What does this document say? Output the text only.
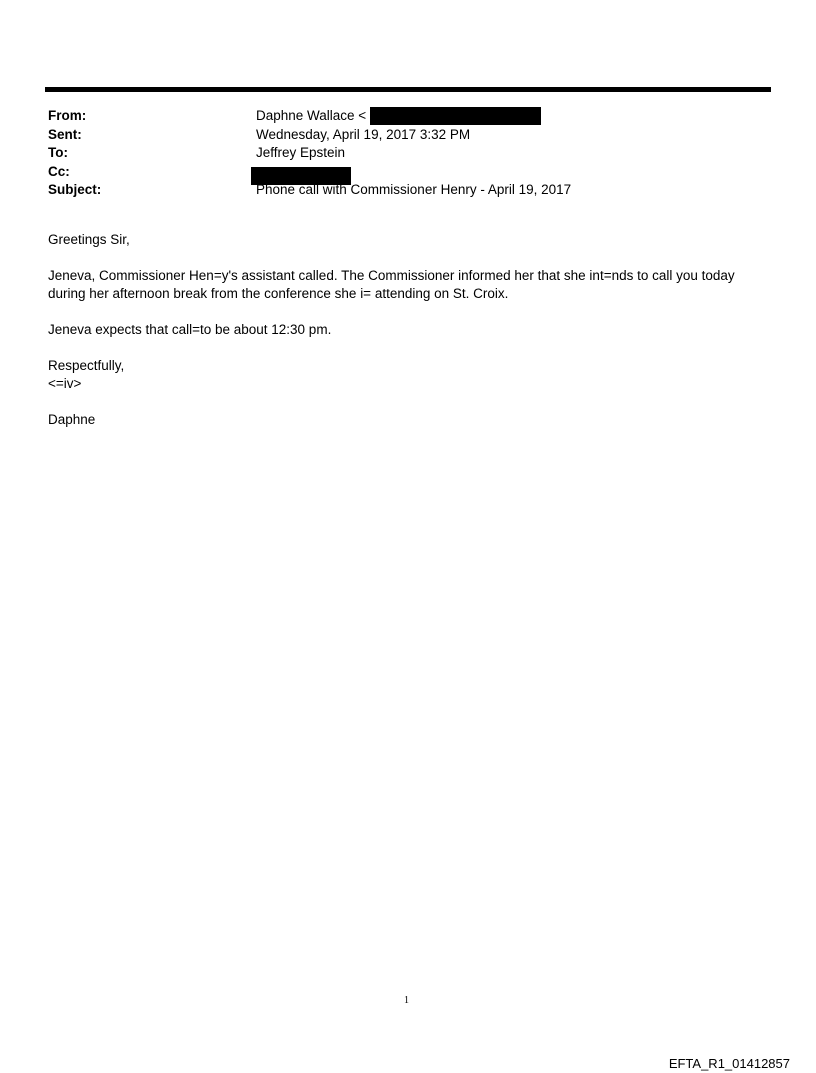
From:	Daphne Wallace <
Sent:	Wednesday, April 19, 2017 3:32 PM
To:	Jeffrey Epstein
Cc:
Subject:	Phone call with Commissioner Henry - April 19, 2017

Greetings Sir,

Jeneva, Commissioner Hen=y's assistant called. The Commissioner informed her that she int=nds to call you today
during her afternoon break from the conference she i= attending on St. Croix.

Jeneva expects that call=to be about 12:30 pm.

Respectfully,

<=iv>

Daphne

1
EFTA_R1_01412857
